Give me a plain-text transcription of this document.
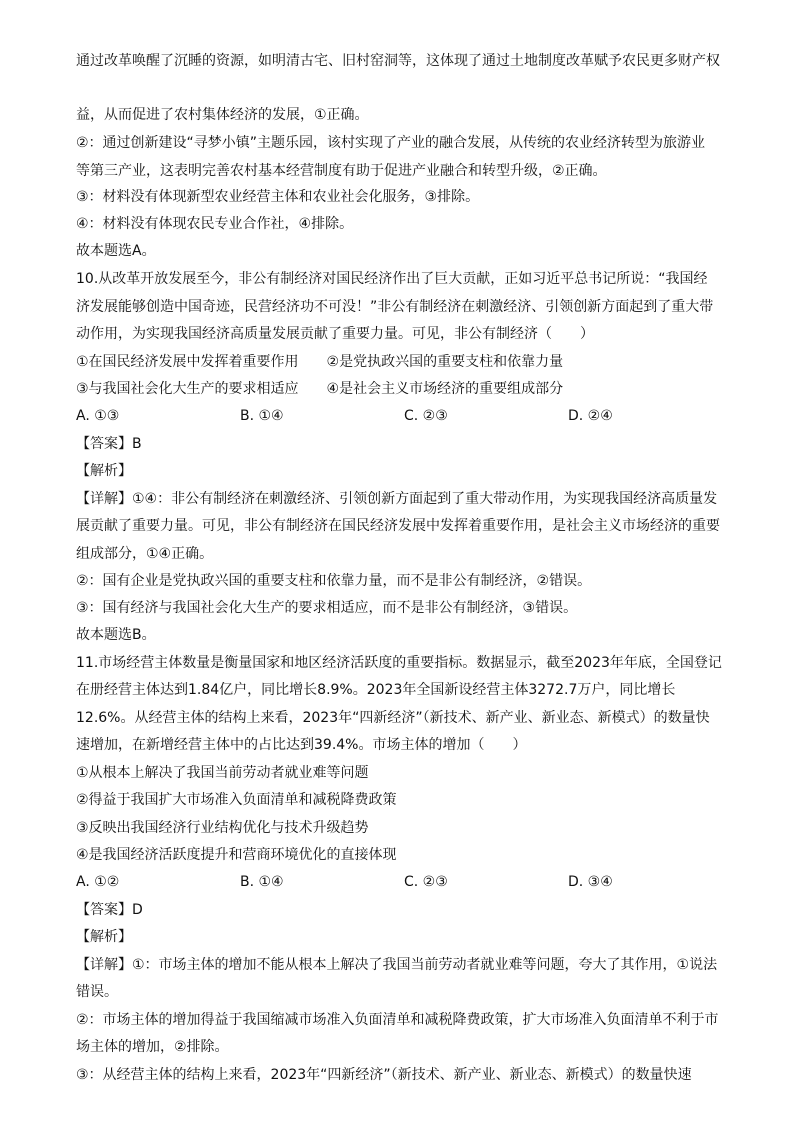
通过改革唤醒了沉睡的资源，如明清古宅、旧村窑洞等，这体现了通过土地制度改革赋予农民更多财产权
益，从而促进了农村集体经济的发展，①正确。
②：通过创新建设“寻梦小镇”主题乐园，该村实现了产业的融合发展，从传统的农业经济转型为旅游业
等第三产业，这表明完善农村基本经营制度有助于促进产业融合和转型升级，②正确。
③：材料没有体现新型农业经营主体和农业社会化服务，③排除。
④：材料没有体现农民专业合作社，④排除。
故本题选A。
10.从改革开放发展至今，非公有制经济对国民经济作出了巨大贡献，正如习近平总书记所说：“我国经
济发展能够创造中国奇迹，民营经济功不可没！”非公有制经济在刺激经济、引领创新方面起到了重大带
动作用，为实现我国经济高质量发展贡献了重要力量。可见，非公有制经济（　　）
①在国民经济发展中发挥着重要作用　　②是党执政兴国的重要支柱和依靠力量
③与我国社会化大生产的要求相适应　　④是社会主义市场经济的重要组成部分
A. ①③	B. ①④	C. ②③	D. ②④
【答案】B
【解析】
【详解】①④：非公有制经济在刺激经济、引领创新方面起到了重大带动作用，为实现我国经济高质量发
展贡献了重要力量。可见，非公有制经济在国民经济发展中发挥着重要作用，是社会主义市场经济的重要
组成部分，①④正确。
②：国有企业是党执政兴国的重要支柱和依靠力量，而不是非公有制经济，②错误。
③：国有经济与我国社会化大生产的要求相适应，而不是非公有制经济，③错误。
故本题选B。
11.市场经营主体数量是衡量国家和地区经济活跃度的重要指标。数据显示，截至2023年年底，全国登记
在册经营主体达到1.84亿户，同比增长8.9%。2023年全国新设经营主体3272.7万户，同比增长
12.6%。从经营主体的结构上来看，2023年“四新经济”（新技术、新产业、新业态、新模式）的数量快
速增加，在新增经营主体中的占比达到39.4%。市场主体的增加（　　）
①从根本上解决了我国当前劳动者就业难等问题
②得益于我国扩大市场准入负面清单和减税降费政策
③反映出我国经济行业结构优化与技术升级趋势
④是我国经济活跃度提升和营商环境优化的直接体现
A. ①②	B. ①④	C. ②③	D. ③④
【答案】D
【解析】
【详解】①：市场主体的增加不能从根本上解决了我国当前劳动者就业难等问题，夸大了其作用，①说法
错误。
②：市场主体的增加得益于我国缩减市场准入负面清单和减税降费政策，扩大市场准入负面清单不利于市
场主体的增加，②排除。
③：从经营主体的结构上来看，2023年“四新经济”（新技术、新产业、新业态、新模式）的数量快速
